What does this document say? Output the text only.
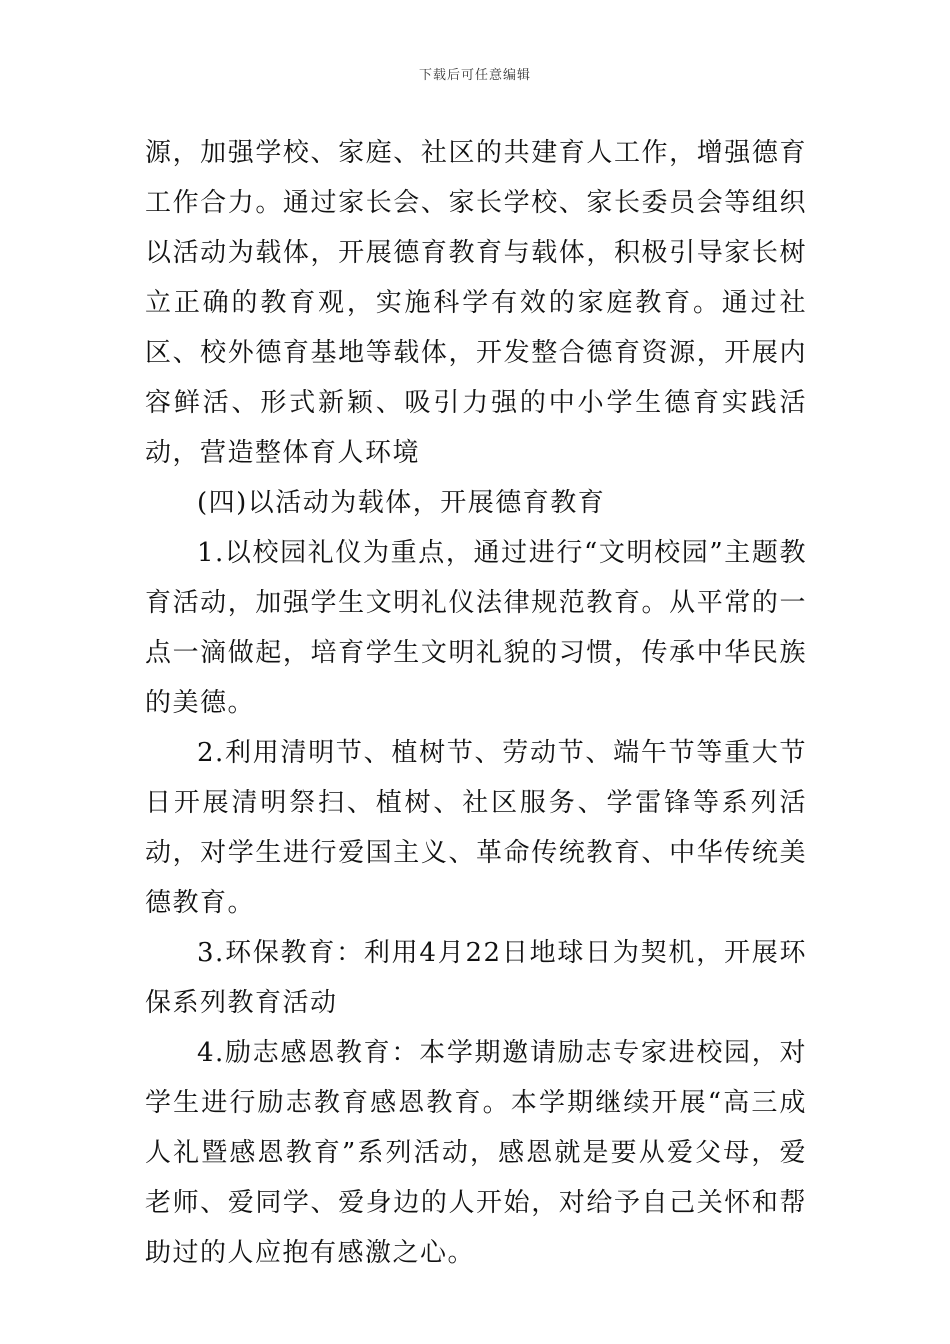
下载后可任意编辑

源，加强学校、家庭、社区的共建育人工作，增强德育工作合力。通过家长会、家长学校、家长委员会等组织以活动为载体，开展德育教育与载体，积极引导家长树立正确的教育观，实施科学有效的家庭教育。通过社区、校外德育基地等载体，开发整合德育资源，开展内容鲜活、形式新颖、吸引力强的中小学生德育实践活动，营造整体育人环境

(四)以活动为载体，开展德育教育

1.以校园礼仪为重点，通过进行“文明校园”主题教育活动，加强学生文明礼仪法律规范教育。从平常的一点一滴做起，培育学生文明礼貌的习惯，传承中华民族的美德。

2.利用清明节、植树节、劳动节、端午节等重大节日开展清明祭扫、植树、社区服务、学雷锋等系列活动，对学生进行爱国主义、革命传统教育、中华传统美德教育。

3.环保教育：利用4月22日地球日为契机，开展环保系列教育活动

4.励志感恩教育：本学期邀请励志专家进校园，对学生进行励志教育感恩教育。本学期继续开展“高三成人礼暨感恩教育”系列活动，感恩就是要从爱父母，爱老师、爱同学、爱身边的人开始，对给予自己关怀和帮助过的人应抱有感激之心。
